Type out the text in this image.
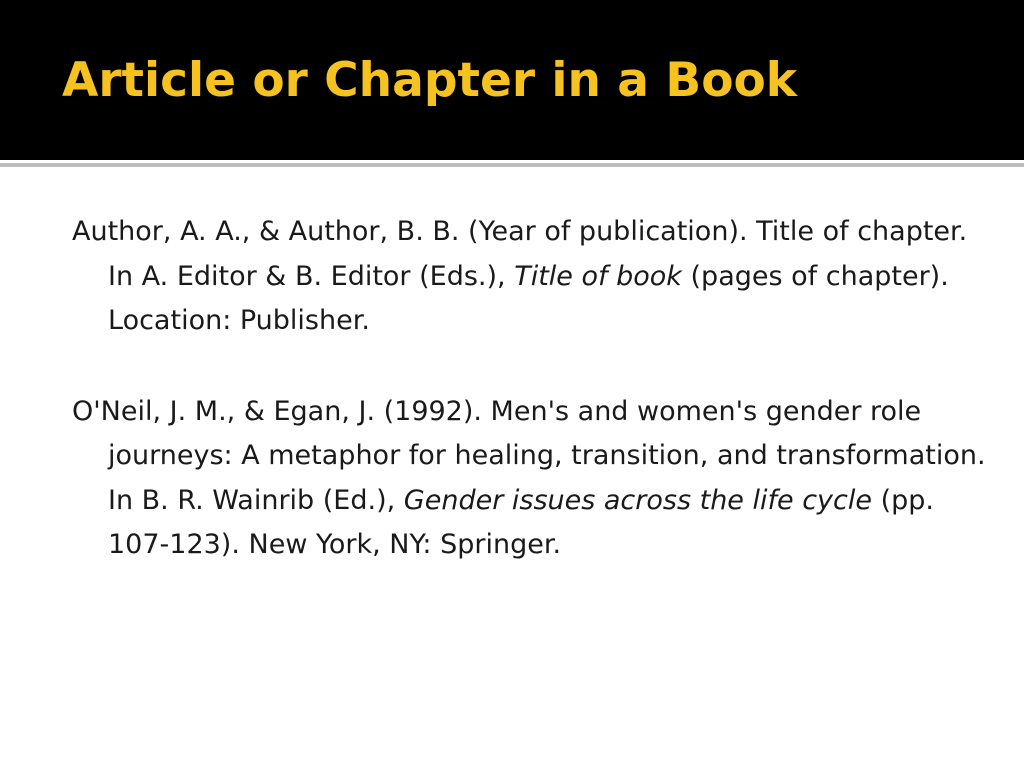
Article or Chapter in a Book

Author, A. A., & Author, B. B. (Year of publication). Title of chapter. In A. Editor & B. Editor (Eds.), Title of book (pages of chapter). Location: Publisher.

O'Neil, J. M., & Egan, J. (1992). Men's and women's gender role journeys: A metaphor for healing, transition, and transformation. In B. R. Wainrib (Ed.), Gender issues across the life cycle (pp. 107-123). New York, NY: Springer.
